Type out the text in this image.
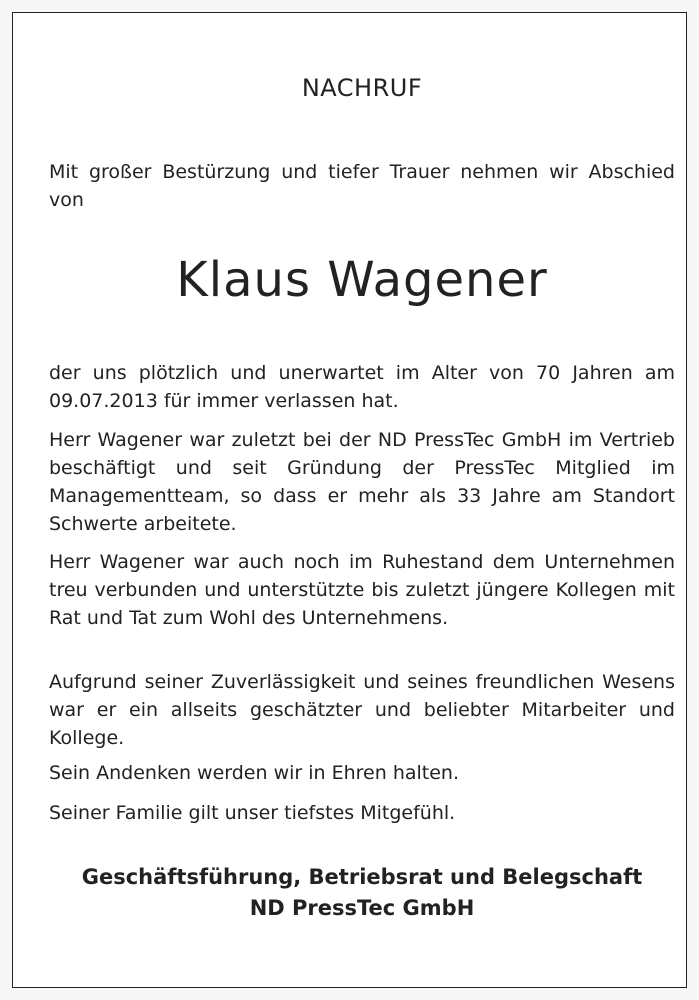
NACHRUF
Mit großer Bestürzung und tiefer Trauer nehmen wir Abschied von
Klaus Wagener
der uns plötzlich und unerwartet im Alter von 70 Jahren am 09.07.2013 für immer verlassen hat.
Herr Wagener war zuletzt bei der ND PressTec GmbH im Vertrieb beschäftigt und seit Gründung der PressTec Mitglied im Managementteam, so dass er mehr als 33 Jahre am Standort Schwerte arbeitete.
Herr Wagener war auch noch im Ruhestand dem Unternehmen treu verbunden und unterstützte bis zuletzt jüngere Kollegen mit Rat und Tat zum Wohl des Unternehmens.
Aufgrund seiner Zuverlässigkeit und seines freundlichen Wesens war er ein allseits geschätzter und beliebter Mitarbeiter und Kollege.
Sein Andenken werden wir in Ehren halten.
Seiner Familie gilt unser tiefstes Mitgefühl.
Geschäftsführung, Betriebsrat und Belegschaft
ND PressTec GmbH
